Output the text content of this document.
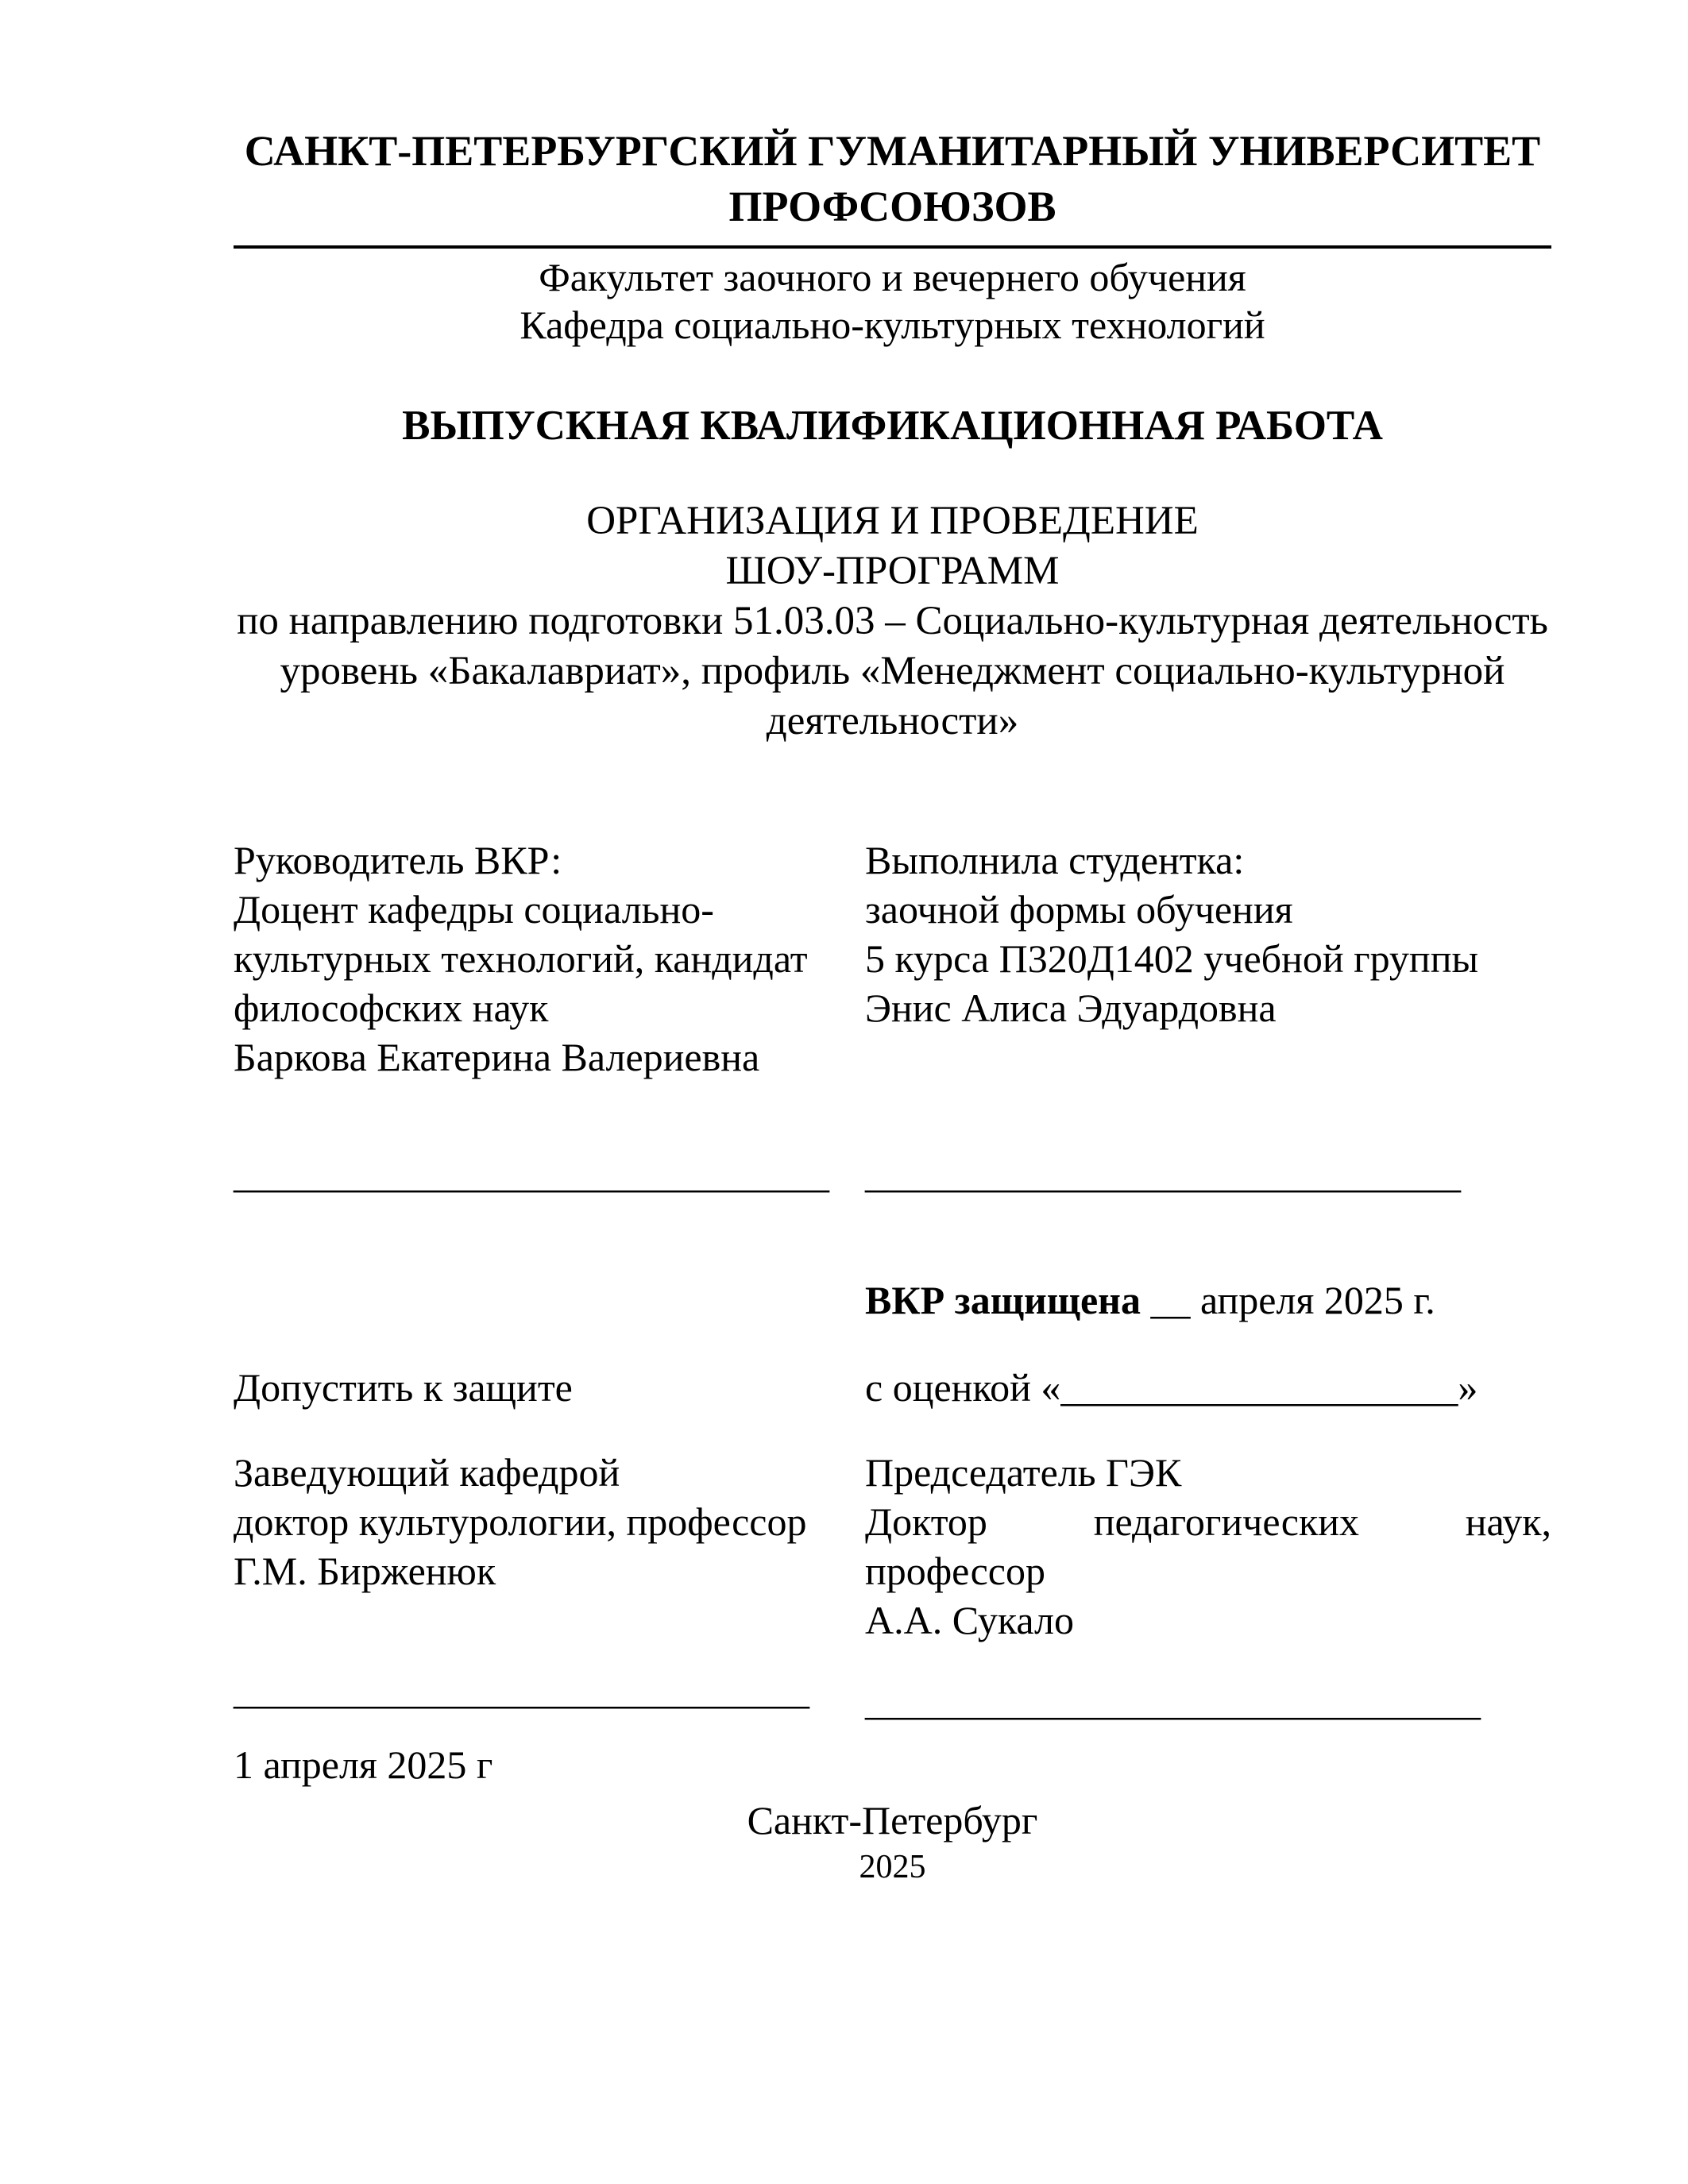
САНКТ-ПЕТЕРБУРГСКИЙ ГУМАНИТАРНЫЙ УНИВЕРСИТЕТ ПРОФСОЮЗОВ
Факультет заочного и вечернего обучения
Кафедра социально-культурных технологий
ВЫПУСКНАЯ КВАЛИФИКАЦИОННАЯ РАБОТА
ОРГАНИЗАЦИЯ И ПРОВЕДЕНИЕ
ШОУ-ПРОГРАММ
по направлению подготовки 51.03.03 – Социально-культурная деятельность
уровень «Бакалавриат», профиль «Менеджмент социально-культурной
деятельности»
Руководитель ВКР:
Доцент кафедры социально-
культурных технологий, кандидат
философских наук
Баркова Екатерина Валериевна
Выполнила студентка:
заочной формы обучения
5 курса П320Д1402 учебной группы
Энис Алиса Эдуардовна
______________________________ ______________________________
ВКР защищена __ апреля 2025 г.
Допустить к защите	с оценкой «____________________»
Заведующий кафедрой
доктор культурологии, профессор
Г.М. Бирженюк
Председатель ГЭК
Доктор	педагогических	наук,
профессор
А.А. Сукало
_____________________________	_______________________________
1 апреля 2025 г
Санкт-Петербург
2025
